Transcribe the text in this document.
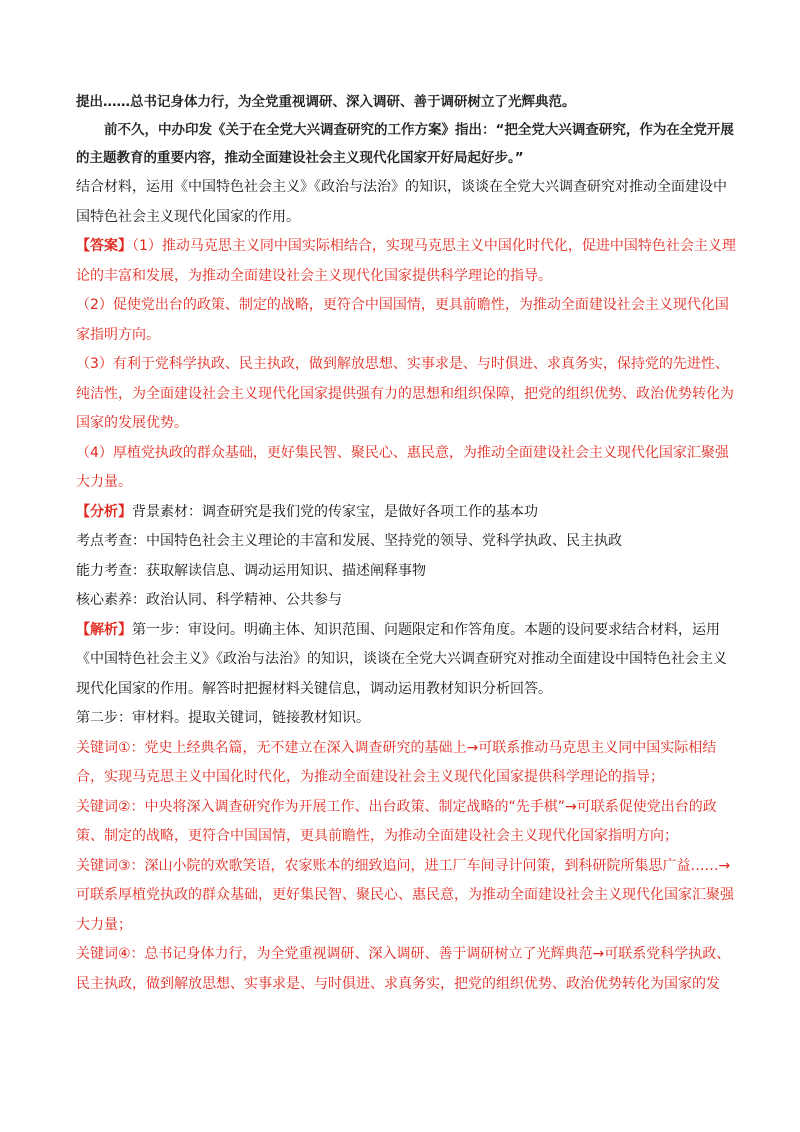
提出……总书记身体力行，为全党重视调研、深入调研、善于调研树立了光辉典范。

前不久，中办印发《关于在全党大兴调查研究的工作方案》指出：“把全党大兴调查研究，作为在全党开展的主题教育的重要内容，推动全面建设社会主义现代化国家开好局起好步。”

结合材料，运用《中国特色社会主义》《政治与法治》的知识，谈谈在全党大兴调查研究对推动全面建设中国特色社会主义现代化国家的作用。

【答案】（1）推动马克思主义同中国实际相结合，实现马克思主义中国化时代化，促进中国特色社会主义理论的丰富和发展，为推动全面建设社会主义现代化国家提供科学理论的指导。

（2）促使党出台的政策、制定的战略，更符合中国国情，更具前瞻性，为推动全面建设社会主义现代化国家指明方向。

（3）有利于党科学执政、民主执政，做到解放思想、实事求是、与时俱进、求真务实，保持党的先进性、纯洁性，为全面建设社会主义现代化国家提供强有力的思想和组织保障，把党的组织优势、政治优势转化为国家的发展优势。

（4）厚植党执政的群众基础，更好集民智、聚民心、惠民意，为推动全面建设社会主义现代化国家汇聚强大力量。

【分析】背景素材：调查研究是我们党的传家宝，是做好各项工作的基本功

考点考查：中国特色社会主义理论的丰富和发展、坚持党的领导、党科学执政、民主执政

能力考查：获取解读信息、调动运用知识、描述阐释事物

核心素养：政治认同、科学精神、公共参与

【解析】第一步：审设问。明确主体、知识范围、问题限定和作答角度。本题的设问要求结合材料，运用《中国特色社会主义》《政治与法治》的知识，谈谈在全党大兴调查研究对推动全面建设中国特色社会主义现代化国家的作用。解答时把握材料关键信息，调动运用教材知识分析回答。

第二步：审材料。提取关键词，链接教材知识。

关键词①：党史上经典名篇，无不建立在深入调查研究的基础上→可联系推动马克思主义同中国实际相结合，实现马克思主义中国化时代化，为推动全面建设社会主义现代化国家提供科学理论的指导；

关键词②：中央将深入调查研究作为开展工作、出台政策、制定战略的“先手棋”→可联系促使党出台的政策、制定的战略，更符合中国国情，更具前瞻性，为推动全面建设社会主义现代化国家指明方向；

关键词③：深山小院的欢歌笑语，农家账本的细致追问，进工厂车间寻计问策，到科研院所集思广益……→可联系厚植党执政的群众基础，更好集民智、聚民心、惠民意，为推动全面建设社会主义现代化国家汇聚强大力量；

关键词④：总书记身体力行，为全党重视调研、深入调研、善于调研树立了光辉典范→可联系党科学执政、民主执政，做到解放思想、实事求是、与时俱进、求真务实，把党的组织优势、政治优势转化为国家的发
